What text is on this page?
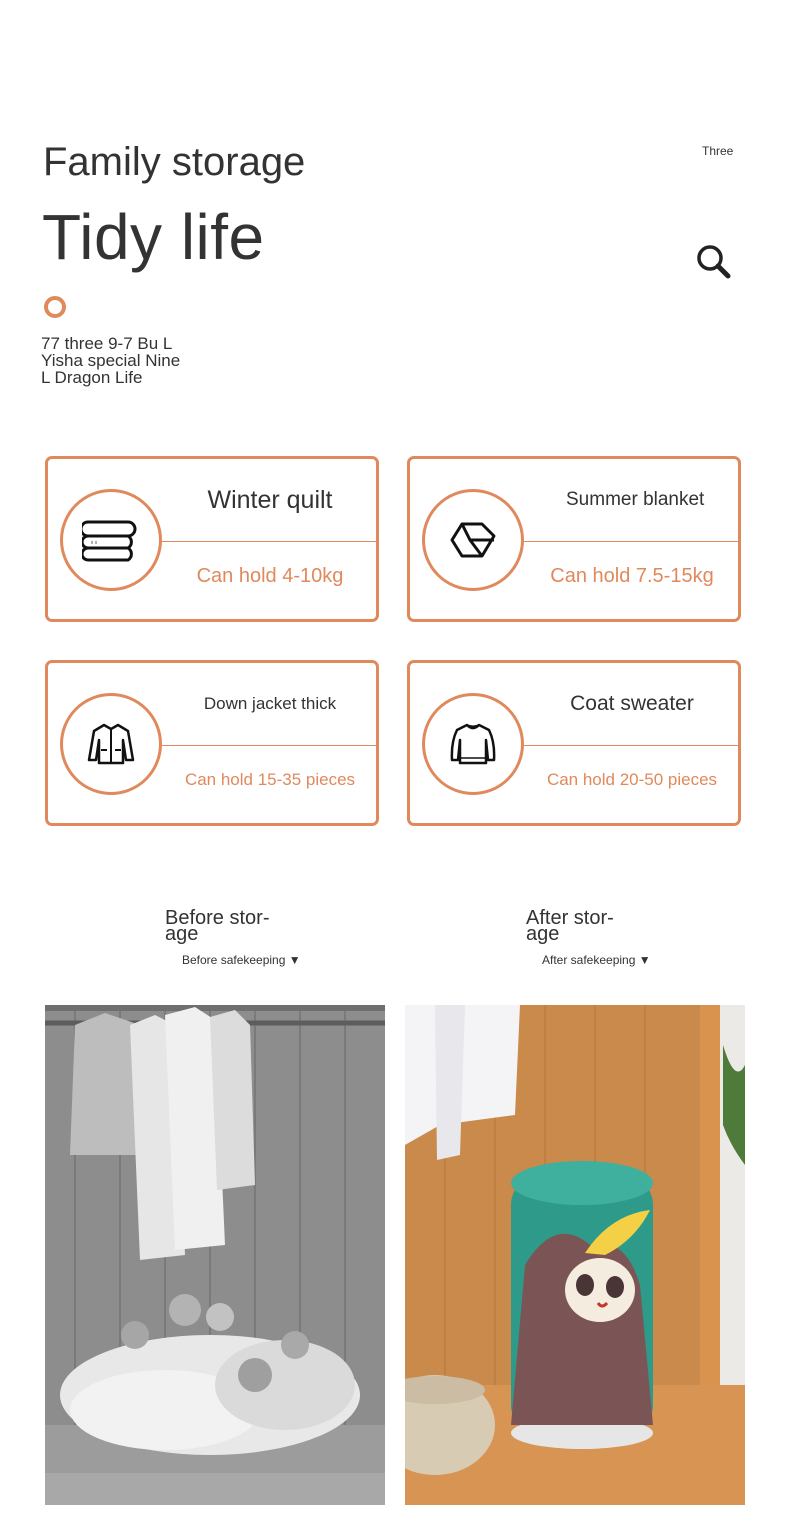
Family storage
Tidy life
Three
77 three 9-7 Bu L
Yisha special Nine
L Dragon Life
Winter quilt
Can hold 4-10kg
Summer blanket
Can hold 7.5-15kg
Down jacket thick
Can hold 15-35 pieces
Coat sweater
Can hold 20-50 pieces
Before stor-
age
Before safekeeping ▼
After stor-
age
After safekeeping ▼
